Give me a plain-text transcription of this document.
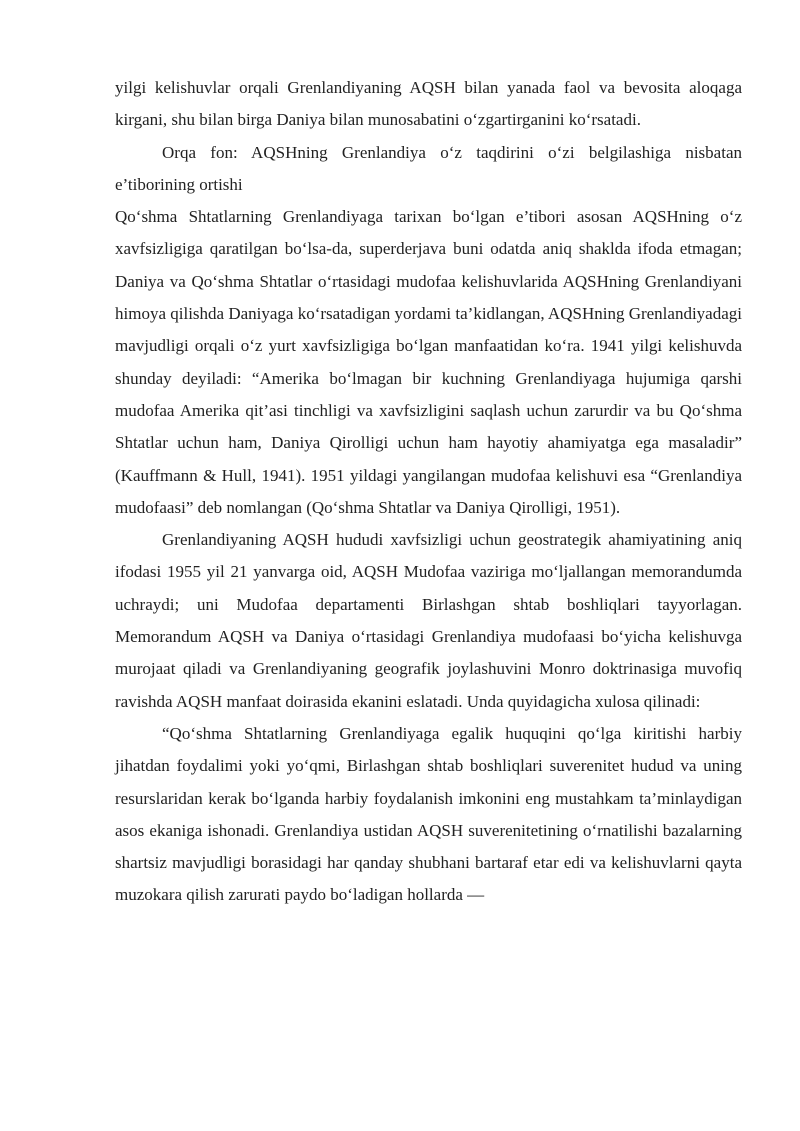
yilgi kelishuvlar orqali Grenlandiyaning AQSH bilan yanada faol va bevosita aloqaga kirgani, shu bilan birga Daniya bilan munosabatini o‘zgartirganini ko‘rsatadi.

Orqa fon: AQSHning Grenlandiya o‘z taqdirini o‘zi belgilashiga nisbatan e’tiborining ortishi

Qo‘shma Shtatlarning Grenlandiyaga tarixan bo‘lgan e’tibori asosan AQSHning o‘z xavfsizligiga qaratilgan bo‘lsa-da, superderjava buni odatda aniq shaklda ifoda etmagan; Daniya va Qo‘shma Shtatlar o‘rtasidagi mudofaa kelishuvlarida AQSHning Grenlandiyani himoya qilishda Daniyaga ko‘rsatadigan yordami ta’kidlangan, AQSHning Grenlandiyadagi mavjudligi orqali o‘z yurt xavfsizligiga bo‘lgan manfaatidan ko‘ra. 1941 yilgi kelishuvda shunday deyiladi: “Amerika bo‘lmagan bir kuchning Grenlandiyaga hujumiga qarshi mudofaa Amerika qit’asi tinchligi va xavfsizligini saqlash uchun zarurdir va bu Qo‘shma Shtatlar uchun ham, Daniya Qirolligi uchun ham hayotiy ahamiyatga ega masaladir” (Kauffmann & Hull, 1941). 1951 yildagi yangilangan mudofaa kelishuvi esa “Grenlandiya mudofaasi” deb nomlangan (Qo‘shma Shtatlar va Daniya Qirolligi, 1951).

Grenlandiyaning AQSH hududi xavfsizligi uchun geostrategik ahamiyatining aniq ifodasi 1955 yil 21 yanvarga oid, AQSH Mudofaa vaziriga mo‘ljallangan memorandumda uchraydi; uni Mudofaa departamenti Birlashgan shtab boshliqlari tayyorlagan. Memorandum AQSH va Daniya o‘rtasidagi Grenlandiya mudofaasi bo‘yicha kelishuvga murojaat qiladi va Grenlandiyaning geografik joylashuvini Monro doktrinasiga muvofiq ravishda AQSH manfaat doirasida ekanini eslatadi. Unda quyidagicha xulosa qilinadi:

“Qo‘shma Shtatlarning Grenlandiyaga egalik huquqini qo‘lga kiritishi harbiy jihatdan foydalimi yoki yo‘qmi, Birlashgan shtab boshliqlari suverenitet hudud va uning resurslaridan kerak bo‘lganda harbiy foydalanish imkonini eng mustahkam ta’minlaydigan asos ekaniga ishonadi. Grenlandiya ustidan AQSH suverenitetining o‘rnatilishi bazalarning shartsiz mavjudligi borasidagi har qanday shubhani bartaraf etar edi va kelishuvlarni qayta muzokara qilish zarurati paydo bo‘ladigan hollarda —
